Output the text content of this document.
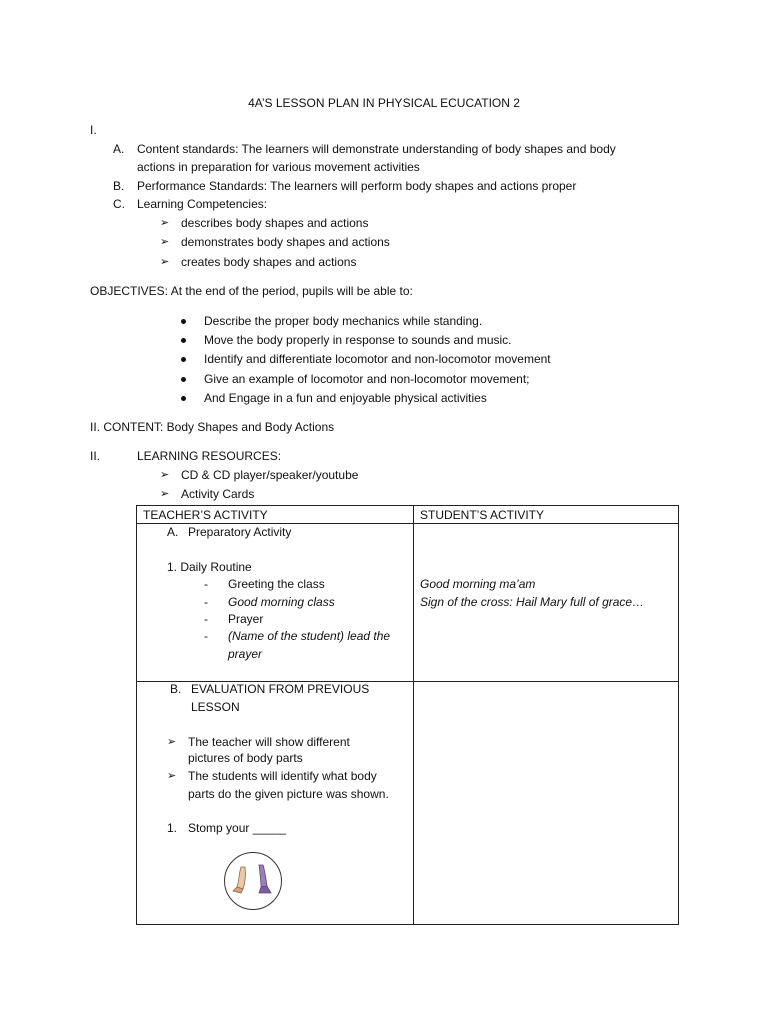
4A’S LESSON PLAN IN PHYSICAL ECUCATION 2
I.
A. Content standards: The learners will demonstrate understanding of body shapes and body
actions in preparation for various movement activities
B. Performance Standards: The learners will perform body shapes and actions proper
C. Learning Competencies:
➢ describes body shapes and actions
➢ demonstrates body shapes and actions
➢ creates body shapes and actions
OBJECTIVES: At the end of the period, pupils will be able to:
Describe the proper body mechanics while standing.
Move the body properly in response to sounds and music.
Identify and differentiate locomotor and non-locomotor movement
Give an example of locomotor and non-locomotor movement;
And Engage in a fun and enjoyable physical activities
II. CONTENT: Body Shapes and Body Actions
II.	LEARNING RESOURCES:
➢ CD & CD player/speaker/youtube
➢ Activity Cards
TEACHER’S ACTIVITY	STUDENT’S ACTIVITY
A. Preparatory Activity
1. Daily Routine
- Greeting the class
- Good morning class
- Prayer
- (Name of the student) lead the
prayer
Good morning ma’am
Sign of the cross: Hail Mary full of grace…
B. EVALUATION FROM PREVIOUS
LESSON
➢ The teacher will show different
pictures of body parts
➢ The students will identify what body
parts do the given picture was shown.
1. Stomp your _____
